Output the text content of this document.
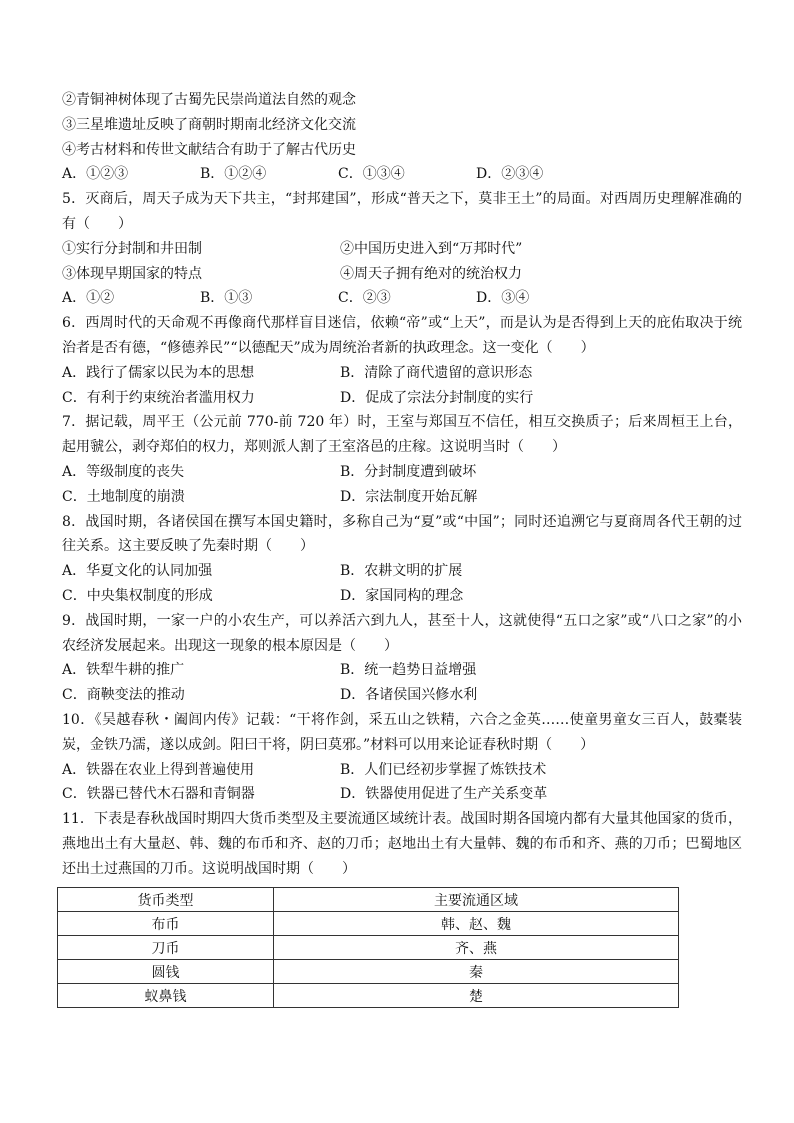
②青铜神树体现了古蜀先民崇尚道法自然的观念
③三星堆遗址反映了商朝时期南北经济文化交流
④考古材料和传世文献结合有助于了解古代历史
A．①②③	B．①②④	C．①③④	D．②③④
5．灭商后，周天子成为天下共主，“封邦建国”，形成“普天之下，莫非王土”的局面。对西周历史理解准确的有（　　）
①实行分封制和井田制	②中国历史进入到“万邦时代”
③体现早期国家的特点	④周天子拥有绝对的统治权力
A．①②	B．①③	C．②③	D．③④
6．西周时代的天命观不再像商代那样盲目迷信，依赖“帝”或“上天”，而是认为是否得到上天的庇佑取决于统治者是否有德，“修德养民”“以德配天”成为周统治者新的执政理念。这一变化（　　）
A．践行了儒家以民为本的思想	B．清除了商代遗留的意识形态
C．有利于约束统治者滥用权力	D．促成了宗法分封制度的实行
7．据记载，周平王（公元前 770-前 720 年）时，王室与郑国互不信任，相互交换质子；后来周桓王上台，起用虢公，剥夺郑伯的权力，郑则派人割了王室洛邑的庄稼。这说明当时（　　）
A．等级制度的丧失	B．分封制度遭到破坏
C．土地制度的崩溃	D．宗法制度开始瓦解
8．战国时期，各诸侯国在撰写本国史籍时，多称自己为“夏”或“中国”；同时还追溯它与夏商周各代王朝的过往关系。这主要反映了先秦时期（　　）
A．华夏文化的认同加强	B．农耕文明的扩展
C．中央集权制度的形成	D．家国同构的理念
9．战国时期，一家一户的小农生产，可以养活六到九人，甚至十人，这就使得“五口之家”或“八口之家”的小农经济发展起来。出现这一现象的根本原因是（　　）
A．铁犁牛耕的推广	B．统一趋势日益增强
C．商鞅变法的推动	D．各诸侯国兴修水利
10．《吴越春秋・阖闾内传》记载：“干将作剑，采五山之铁精，六合之金英……使童男童女三百人，鼓橐装炭，金铁乃濡，遂以成剑。阳曰干将，阴曰莫邪。”材料可以用来论证春秋时期（　　）
A．铁器在农业上得到普遍使用	B．人们已经初步掌握了炼铁技术
C．铁器已替代木石器和青铜器	D．铁器使用促进了生产关系变革
11．下表是春秋战国时期四大货币类型及主要流通区域统计表。战国时期各国境内都有大量其他国家的货币，燕地出土有大量赵、韩、魏的布币和齐、赵的刀币；赵地出土有大量韩、魏的布币和齐、燕的刀币；巴蜀地区还出土过燕国的刀币。这说明战国时期（　　）
货币类型	主要流通区域
布币	韩、赵、魏
刀币	齐、燕
圆钱	秦
蚁鼻钱	楚
